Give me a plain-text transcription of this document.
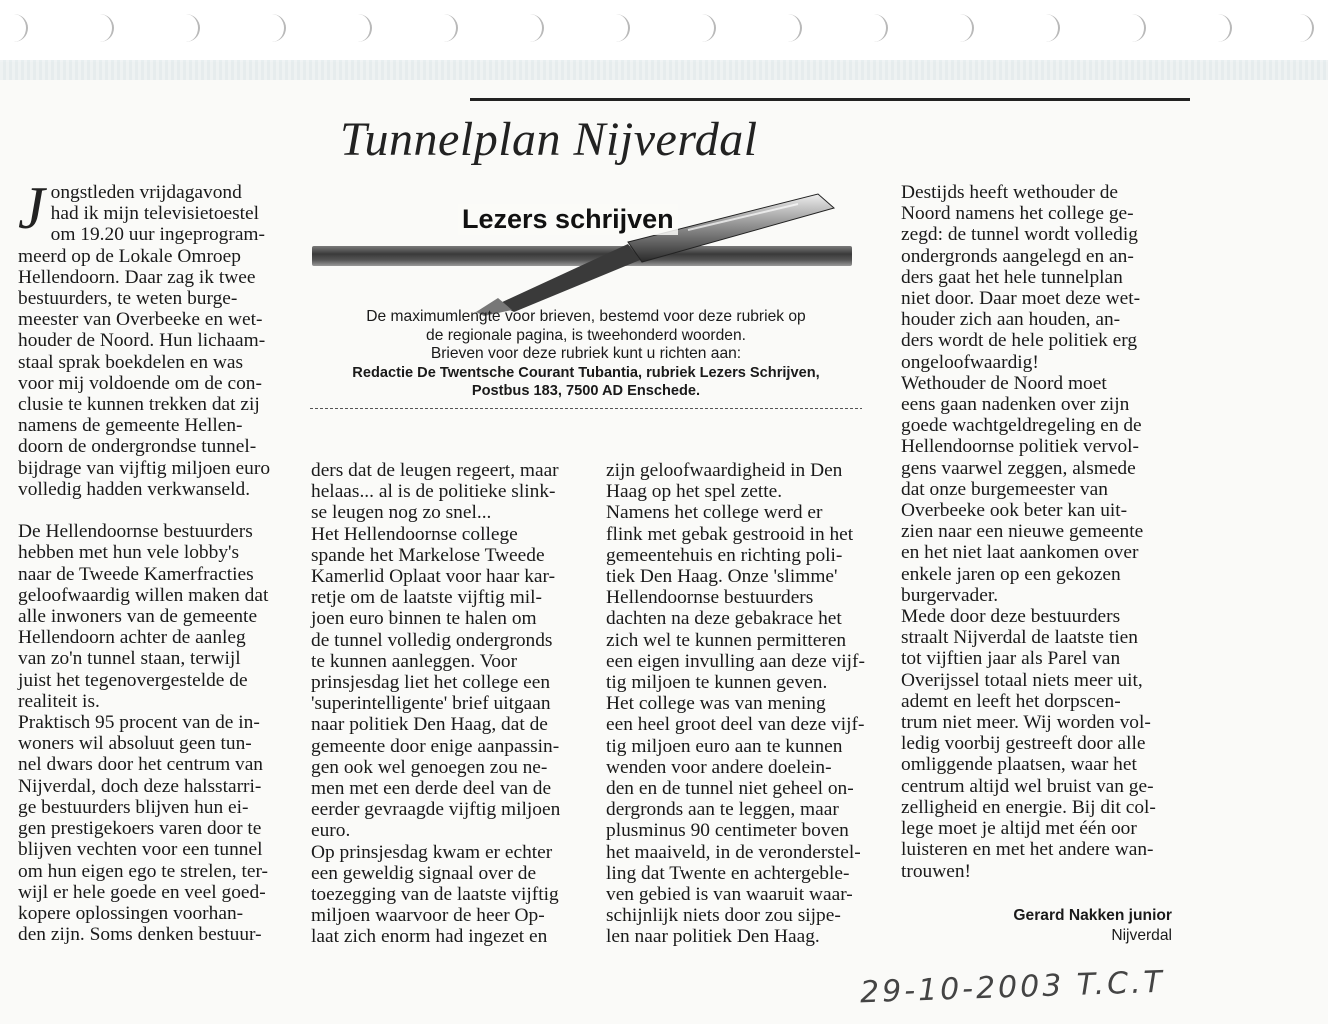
Tunnelplan Nijverdal
Jongstleden vrijdagavond
had ik mijn televisietoestel
om 19.20 uur ingeprogram-
meerd op de Lokale Omroep
Hellendoorn. Daar zag ik twee
bestuurders, te weten burge-
meester van Overbeeke en wet-
houder de Noord. Hun lichaam-
staal sprak boekdelen en was
voor mij voldoende om de con-
clusie te kunnen trekken dat zij
namens de gemeente Hellen-
doorn de ondergrondse tunnel-
bijdrage van vijftig miljoen euro
volledig hadden verkwanseld.

De Hellendoornse bestuurders
hebben met hun vele lobby's
naar de Tweede Kamerfracties
geloofwaardig willen maken dat
alle inwoners van de gemeente
Hellendoorn achter de aanleg
van zo'n tunnel staan, terwijl
juist het tegenovergestelde de
realiteit is.
Praktisch 95 procent van de in-
woners wil absoluut geen tun-
nel dwars door het centrum van
Nijverdal, doch deze halsstarri-
ge bestuurders blijven hun ei-
gen prestigekoers varen door te
blijven vechten voor een tunnel
om hun eigen ego te strelen, ter-
wijl er hele goede en veel goed-
kopere oplossingen voorhan-
den zijn. Soms denken bestuur-
Lezers schrijven
De maximumlengte voor brieven, bestemd voor deze rubriek op
de regionale pagina, is tweehonderd woorden.
Brieven voor deze rubriek kunt u richten aan:

Redactie De Twentsche Courant Tubantia, rubriek Lezers Schrijven,
Postbus 183, 7500 AD Enschede.
ders dat de leugen regeert, maar
helaas... al is de politieke slink-
se leugen nog zo snel...
Het Hellendoornse college
spande het Markelose Tweede
Kamerlid Oplaat voor haar kar-
retje om de laatste vijftig mil-
joen euro binnen te halen om
de tunnel volledig ondergronds
te kunnen aanleggen. Voor
prinsjesdag liet het college een
'superintelligente' brief uitgaan
naar politiek Den Haag, dat de
gemeente door enige aanpassin-
gen ook wel genoegen zou ne-
men met een derde deel van de
eerder gevraagde vijftig miljoen
euro.
Op prinsjesdag kwam er echter
een geweldig signaal over de
toezegging van de laatste vijftig
miljoen waarvoor de heer Op-
laat zich enorm had ingezet en
zijn geloofwaardigheid in Den
Haag op het spel zette.
Namens het college werd er
flink met gebak gestrooid in het
gemeentehuis en richting poli-
tiek Den Haag. Onze 'slimme'
Hellendoornse bestuurders
dachten na deze gebakrace het
zich wel te kunnen permitteren
een eigen invulling aan deze vijf-
tig miljoen te kunnen geven.
Het college was van mening
een heel groot deel van deze vijf-
tig miljoen euro aan te kunnen
wenden voor andere doelein-
den en de tunnel niet geheel on-
dergronds aan te leggen, maar
plusminus 90 centimeter boven
het maaiveld, in de veronderstel-
ling dat Twente en achtergeble-
ven gebied is van waaruit waar-
schijnlijk niets door zou sijpe-
len naar politiek Den Haag.
Destijds heeft wethouder de
Noord namens het college ge-
zegd: de tunnel wordt volledig
ondergronds aangelegd en an-
ders gaat het hele tunnelplan
niet door. Daar moet deze wet-
houder zich aan houden, an-
ders wordt de hele politiek erg
ongeloofwaardig!
Wethouder de Noord moet
eens gaan nadenken over zijn
goede wachtgeldregeling en de
Hellendoornse politiek vervol-
gens vaarwel zeggen, alsmede
dat onze burgemeester van
Overbeeke ook beter kan uit-
zien naar een nieuwe gemeente
en het niet laat aankomen over
enkele jaren op een gekozen
burgervader.
Mede door deze bestuurders
straalt Nijverdal de laatste tien
tot vijftien jaar als Parel van
Overijssel totaal niets meer uit,
ademt en leeft het dorpscen-
trum niet meer. Wij worden vol-
ledig voorbij gestreeft door alle
omliggende plaatsen, waar het
centrum altijd wel bruist van ge-
zelligheid en energie. Bij dit col-
lege moet je altijd met één oor
luisteren en met het andere wan-
trouwen!
Gerard Nakken junior
Nijverdal
29-10-2003 T.C.T
